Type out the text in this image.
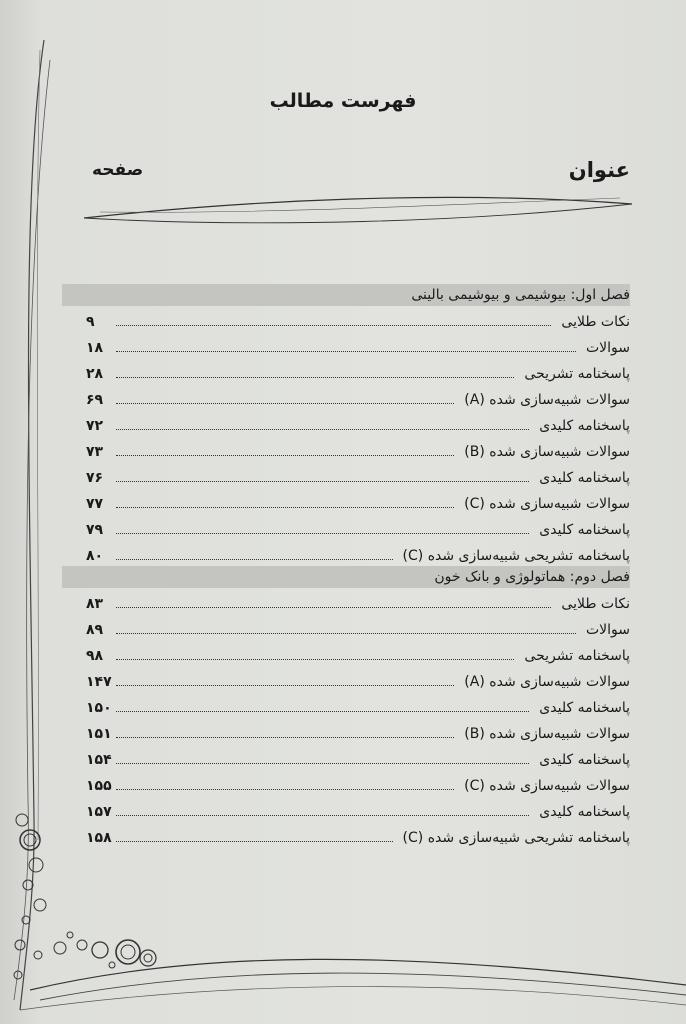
فهرست مطالب
صفحه	عنوان
فصل اول: بیوشیمی و بیوشیمی بالینی
نکات طلایی
۹
سوالات
۱۸
پاسخنامه تشریحی
۲۸
سوالات شبیه‌سازی شده (A)
۶۹
پاسخنامه کلیدی
۷۲
سوالات شبیه‌سازی شده (B)
۷۳
پاسخنامه کلیدی
۷۶
سوالات شبیه‌سازی شده (C)
۷۷
پاسخنامه کلیدی
۷۹
پاسخنامه تشریحی شبیه‌سازی شده (C)
۸۰
فصل دوم: هماتولوژی و بانک خون
نکات طلایی
۸۳
سوالات
۸۹
پاسخنامه تشریحی
۹۸
سوالات شبیه‌سازی شده (A)
۱۴۷
پاسخنامه کلیدی
۱۵۰
سوالات شبیه‌سازی شده (B)
۱۵۱
پاسخنامه کلیدی
۱۵۴
سوالات شبیه‌سازی شده (C)
۱۵۵
پاسخنامه کلیدی
۱۵۷
پاسخنامه تشریحی شبیه‌سازی شده (C)
۱۵۸
